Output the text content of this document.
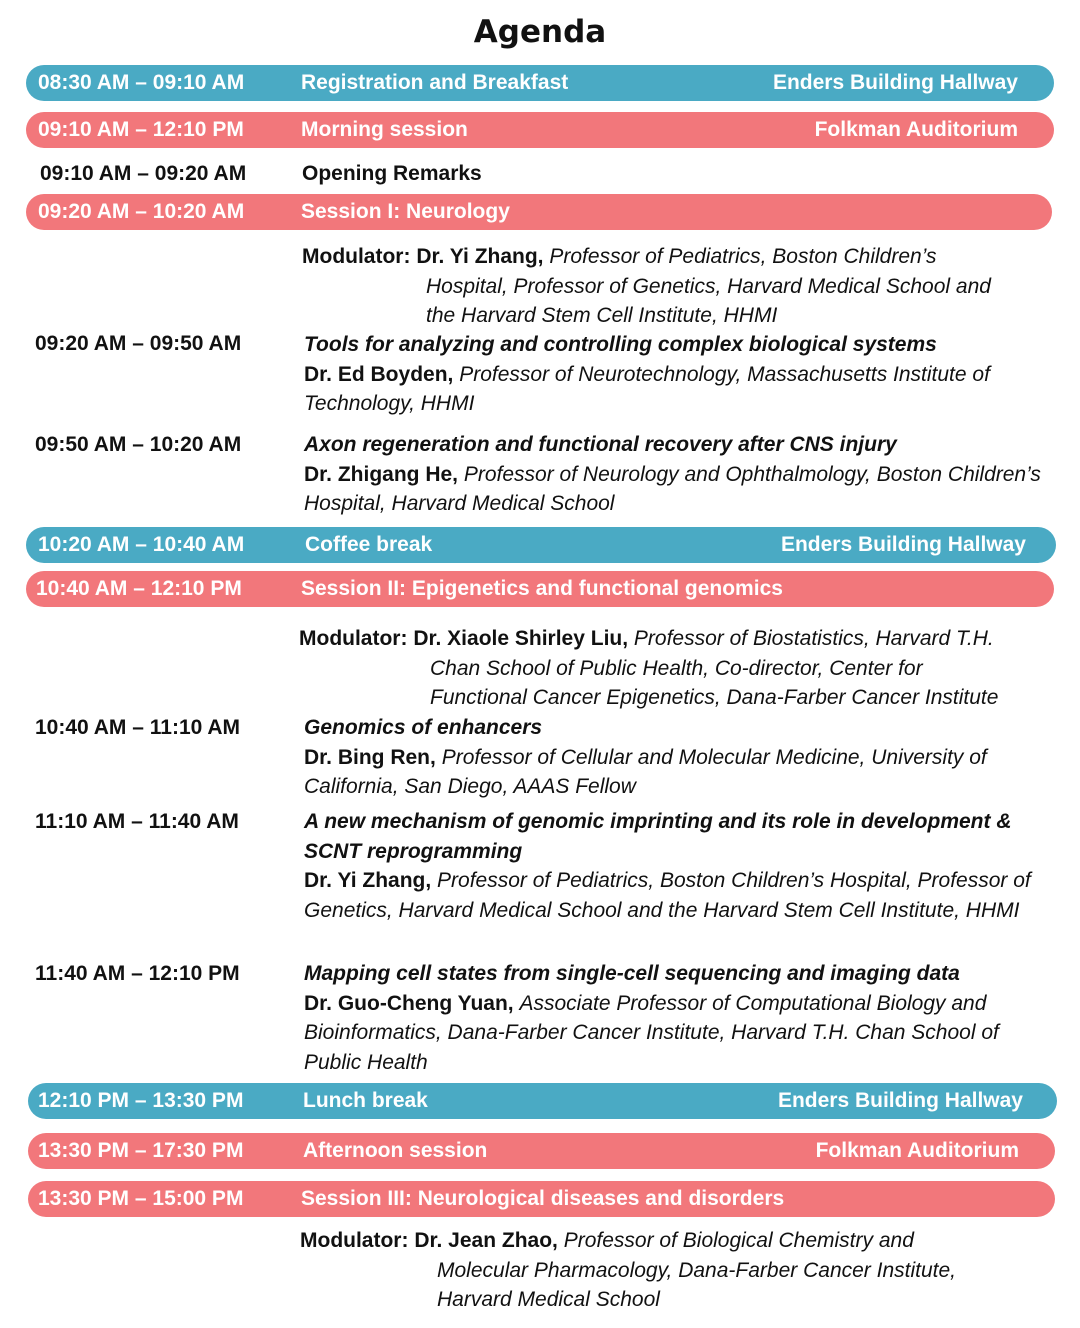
Agenda
08:30 AM – 09:10 AM	Registration and Breakfast	Enders Building Hallway
09:10 AM – 12:10 PM	Morning session	Folkman Auditorium
09:10 AM – 09:20 AM	Opening Remarks
09:20 AM – 10:20 AM	Session I: Neurology
Modulator: Dr. Yi Zhang, Professor of Pediatrics, Boston Children’s
Hospital, Professor of Genetics, Harvard Medical School and
the Harvard Stem Cell Institute, HHMI
09:20 AM – 09:50 AM	Tools for analyzing and controlling complex biological systems
Dr. Ed Boyden, Professor of Neurotechnology, Massachusetts Institute of Technology, HHMI
09:50 AM – 10:20 AM	Axon regeneration and functional recovery after CNS injury
Dr. Zhigang He, Professor of Neurology and Ophthalmology, Boston Children’s Hospital, Harvard Medical School
10:20 AM – 10:40 AM	Coffee break	Enders Building Hallway
10:40 AM – 12:10 PM	Session II: Epigenetics and functional genomics
Modulator: Dr. Xiaole Shirley Liu, Professor of Biostatistics, Harvard T.H.
Chan School of Public Health, Co-director, Center for
Functional Cancer Epigenetics, Dana-Farber Cancer Institute
10:40 AM – 11:10 AM	Genomics of enhancers
Dr. Bing Ren, Professor of Cellular and Molecular Medicine, University of California, San Diego, AAAS Fellow
11:10 AM – 11:40 AM	A new mechanism of genomic imprinting and its role in development & SCNT reprogramming
Dr. Yi Zhang, Professor of Pediatrics, Boston Children’s Hospital, Professor of Genetics, Harvard Medical School and the Harvard Stem Cell Institute, HHMI
11:40 AM – 12:10 PM	Mapping cell states from single-cell sequencing and imaging data
Dr. Guo-Cheng Yuan, Associate Professor of Computational Biology and Bioinformatics, Dana-Farber Cancer Institute, Harvard T.H. Chan School of Public Health
12:10 PM – 13:30 PM	Lunch break	Enders Building Hallway
13:30 PM – 17:30 PM	Afternoon session	Folkman Auditorium
13:30 PM – 15:00 PM	Session III: Neurological diseases and disorders
Modulator: Dr. Jean Zhao, Professor of Biological Chemistry and
Molecular Pharmacology, Dana-Farber Cancer Institute,
Harvard Medical School
